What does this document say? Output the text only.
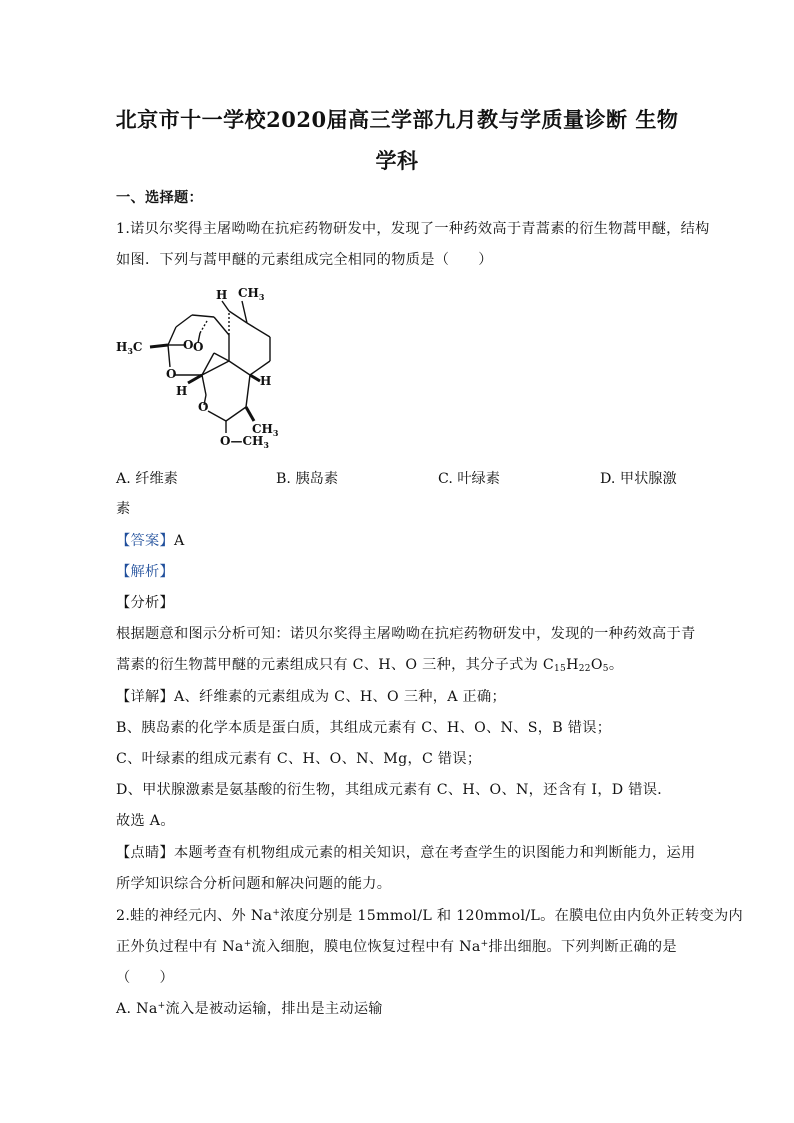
北京市十一学校2020届高三学部九月教与学质量诊断 生物
学科
一、选择题：
1.诺贝尔奖得主屠呦呦在抗疟药物研发中，发现了一种药效高于青蒿素的衍生物蒿甲醚，结构
如图．下列与蒿甲醚的元素组成完全相同的物质是（　　）
$CH_3$
H
$H_3C$	O O
O
H
H
O
$CH_3$
$O—CH_3$
A. 纤维素	B. 胰岛素	C. 叶绿素	D. 甲状腺激
素
【答案】A
【解析】
【分析】
根据题意和图示分析可知：诺贝尔奖得主屠呦呦在抗疟药物研发中，发现的一种药效高于青
蒿素的衍生物蒿甲醚的元素组成只有 C、H、O 三种，其分子式为 $C_{15}H_{22}O_5$。
【详解】A、纤维素的元素组成为 C、H、O 三种，A 正确；
B、胰岛素的化学本质是蛋白质，其组成元素有 C、H、O、N、S，B 错误；
C、叶绿素的组成元素有 C、H、O、N、Mg，C 错误；
D、甲状腺激素是氨基酸的衍生物，其组成元素有 C、H、O、N，还含有 I，D 错误．
故选 A。
【点睛】本题考查有机物组成元素的相关知识，意在考查学生的识图能力和判断能力，运用
所学知识综合分析问题和解决问题的能力。
2.蛙的神经元内、外 Na+浓度分别是 15mmol/L 和 120mmol/L。在膜电位由内负外正转变为内
正外负过程中有 Na+流入细胞，膜电位恢复过程中有 Na+排出细胞。下列判断正确的是
（　　）
A. Na+流入是被动运输，排出是主动运输
